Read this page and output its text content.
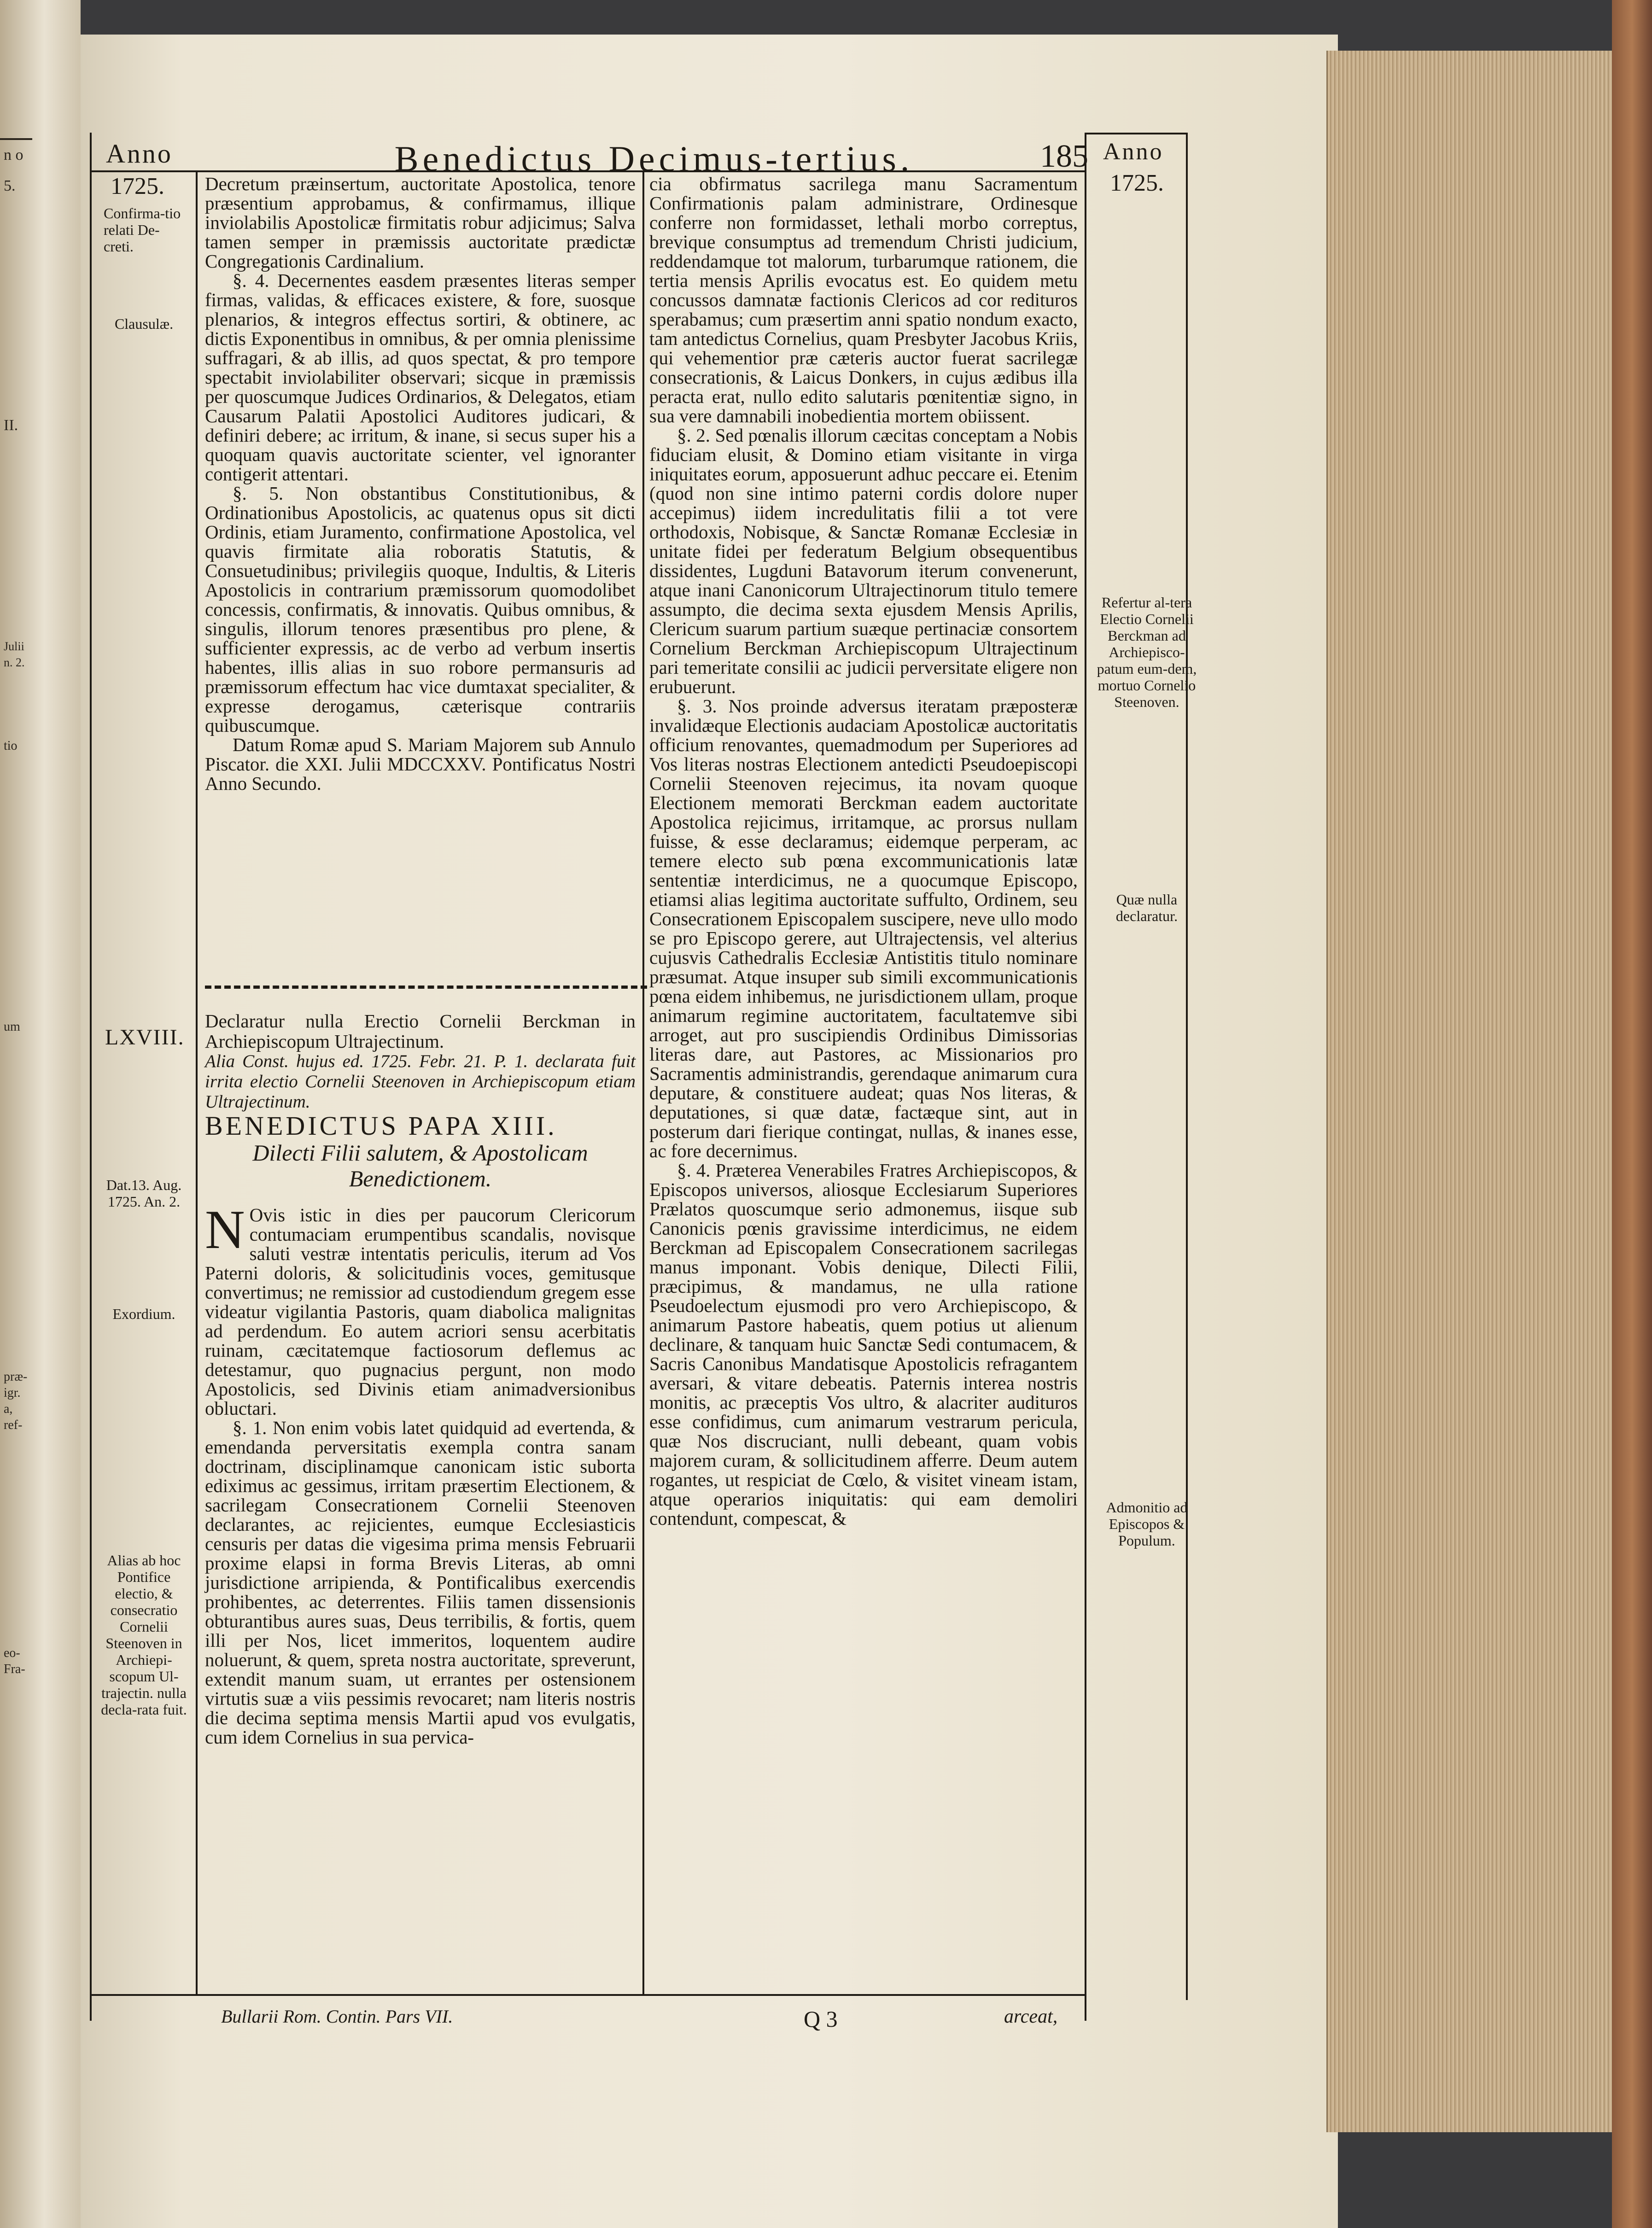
n o
5.
II.
Julii
n. 2.
tio
um
præ-
igr.
a,
ref-
eo-
Fra-
Anno
1725.
Benedictus Decimus-tertius.	185 Anno
1725.
Confirma-tio relati De-creti.
Clausulæ.
LXVIII.
Dat.13. Aug. 1725. An. 2.
Exordium.
Alias ab hoc Pontifice electio, & consecratio Cornelii Steenoven in Archiepi-scopum Ul-trajectin. nulla decla-rata fuit.
Refertur al-tera Electio Cornelii Berckman ad Archiepisco-patum eum-dem, mortuo Cornelio Steenoven.
Quæ nulla declaratur.
Admonitio ad Episcopos & Populum.

Decretum præinsertum, auctoritate Apostolica, tenore præsentium approbamus, & confirmamus, illique inviolabilis Apostolicæ firmitatis robur adjicimus; Salva tamen semper in præmissis auctoritate prædictæ Congregationis Cardinalium.

§. 4. Decernentes easdem præsentes literas semper firmas, validas, & efficaces existere, & fore, suosque plenarios, & integros effectus sortiri, & obtinere, ac dictis Exponentibus in omnibus, & per omnia plenissime suffragari, & ab illis, ad quos spectat, & pro tempore spectabit inviolabiliter observari; sicque in præmissis per quoscumque Judices Ordinarios, & Delegatos, etiam Causarum Palatii Apostolici Auditores judicari, & definiri debere; ac irritum, & inane, si secus super his a quoquam quavis auctoritate scienter, vel ignoranter contigerit attentari.

§. 5. Non obstantibus Constitutionibus, & Ordinationibus Apostolicis, ac quatenus opus sit dicti Ordinis, etiam Juramento, confirmatione Apostolica, vel quavis firmitate alia roboratis Statutis, & Consuetudinibus; privilegiis quoque, Indultis, & Literis Apostolicis in contrarium præmissorum quomodolibet concessis, confirmatis, & innovatis. Quibus omnibus, & singulis, illorum tenores præsentibus pro plene, & sufficienter expressis, ac de verbo ad verbum insertis habentes, illis alias in suo robore permansuris ad præmissorum effectum hac vice dumtaxat specialiter, & expresse derogamus, cæterisque contrariis quibuscumque.

Datum Romæ apud S. Mariam Majorem sub Annulo Piscator. die XXI. Julii MDCCXXV. Pontificatus Nostri Anno Secundo.

Declaratur nulla Erectio Cornelii Berckman in Archiepiscopum Ultrajectinum.

Alia Const. hujus ed. 1725. Febr. 21. P. 1. declarata fuit irrita electio Cornelii Steenoven in Archiepiscopum etiam Ultrajectinum.

BENEDICTUS PAPA XIII.

Dilecti Filii salutem, & Apostolicam Benedictionem.

N Ovis istic in dies per paucorum Clericorum contumaciam erumpentibus scandalis, novisque saluti vestræ intentatis periculis, iterum ad Vos Paterni doloris, & solicitudinis voces, gemitusque convertimus; ne remissior ad custodiendum gregem esse videatur vigilantia Pastoris, quam diabolica malignitas ad perdendum. Eo autem acriori sensu acerbitatis ruinam, cæcitatemque factiosorum deflemus ac detestamur, quo pugnacius pergunt, non modo Apostolicis, sed Divinis etiam animadversionibus obluctari.

§. 1. Non enim vobis latet quidquid ad evertenda, & emendanda perversitatis exempla contra sanam doctrinam, disciplinamque canonicam istic suborta ediximus ac gessimus, irritam præsertim Electionem, & sacrilegam Consecrationem Cornelii Steenoven declarantes, ac rejicientes, eumque Ecclesiasticis censuris per datas die vigesima prima mensis Februarii proxime elapsi in forma Brevis Literas, ab omni jurisdictione arripienda, & Pontificalibus exercendis prohibentes, ac deterrentes. Filiis tamen dissensionis obturantibus aures suas, Deus terribilis, & fortis, quem illi per Nos, licet immeritos, loquentem audire noluerunt, & quem, spreta nostra auctoritate, spreverunt, extendit manum suam, ut errantes per ostensionem virtutis suæ a viis pessimis revocaret; nam literis nostris die decima septima mensis Martii apud vos evulgatis, cum idem Cornelius in sua pervica-

cia obfirmatus sacrilega manu Sacramentum Confirmationis palam administrare, Ordinesque conferre non formidasset, lethali morbo correptus, brevique consumptus ad tremendum Christi judicium, reddendamque tot malorum, turbarumque rationem, die tertia mensis Aprilis evocatus est. Eo quidem metu concussos damnatæ factionis Clericos ad cor redituros sperabamus; cum præsertim anni spatio nondum exacto, tam antedictus Cornelius, quam Presbyter Jacobus Kriis, qui vehementior præ cæteris auctor fuerat sacrilegæ consecrationis, & Laicus Donkers, in cujus ædibus illa peracta erat, nullo edito salutaris pœnitentiæ signo, in sua vere damnabili inobedientia mortem obiissent.

§. 2. Sed pœnalis illorum cæcitas conceptam a Nobis fiduciam elusit, & Domino etiam visitante in virga iniquitates eorum, apposuerunt adhuc peccare ei. Etenim (quod non sine intimo paterni cordis dolore nuper accepimus) iidem incredulitatis filii a tot vere orthodoxis, Nobisque, & Sanctæ Romanæ Ecclesiæ in unitate fidei per federatum Belgium obsequentibus dissidentes, Lugduni Batavorum iterum convenerunt, atque inani Canonicorum Ultrajectinorum titulo temere assumpto, die decima sexta ejusdem Mensis Aprilis, Clericum suarum partium suæque pertinaciæ consortem Cornelium Berckman Archiepiscopum Ultrajectinum pari temeritate consilii ac judicii perversitate eligere non erubuerunt.

§. 3. Nos proinde adversus iteratam præposteræ invalidæque Electionis audaciam Apostolicæ auctoritatis officium renovantes, quemadmodum per Superiores ad Vos literas nostras Electionem antedicti Pseudoepiscopi Cornelii Steenoven rejecimus, ita novam quoque Electionem memorati Berckman eadem auctoritate Apostolica rejicimus, irritamque, ac prorsus nullam fuisse, & esse declaramus; eidemque perperam, ac temere electo sub pœna excommunicationis latæ sententiæ interdicimus, ne a quocumque Episcopo, etiamsi alias legitima auctoritate suffulto, Ordinem, seu Consecrationem Episcopalem suscipere, neve ullo modo se pro Episcopo gerere, aut Ultrajectensis, vel alterius cujusvis Cathedralis Ecclesiæ Antistitis titulo nominare præsumat. Atque insuper sub simili excommunicationis pœna eidem inhibemus, ne jurisdictionem ullam, proque animarum regimine auctoritatem, facultatemve sibi arroget, aut pro suscipiendis Ordinibus Dimissorias literas dare, aut Pastores, ac Missionarios pro Sacramentis administrandis, gerendaque animarum cura deputare, & constituere audeat; quas Nos literas, & deputationes, si quæ datæ, factæque sint, aut in posterum dari fierique contingat, nullas, & inanes esse, ac fore decernimus.

§. 4. Præterea Venerabiles Fratres Archiepiscopos, & Episcopos universos, aliosque Ecclesiarum Superiores Prælatos quoscumque serio admonemus, iisque sub Canonicis pœnis gravissime interdicimus, ne eidem Berckman ad Episcopalem Consecrationem sacrilegas manus imponant. Vobis denique, Dilecti Filii, præcipimus, & mandamus, ne ulla ratione Pseudoelectum ejusmodi pro vero Archiepiscopo, & animarum Pastore habeatis, quem potius ut alienum declinare, & tanquam huic Sanctæ Sedi contumacem, & Sacris Canonibus Mandatisque Apostolicis refragantem aversari, & vitare debeatis. Paternis interea nostris monitis, ac præceptis Vos ultro, & alacriter audituros esse confidimus, cum animarum vestrarum pericula, quæ Nos discruciant, nulli debeant, quam vobis majorem curam, & sollicitudinem afferre. Deum autem rogantes, ut respiciat de Cœlo, & visitet vineam istam, atque operarios iniquitatis: qui eam demoliri contendunt, compescat, &

Bullarii Rom. Contin. Pars VII.	Q 3	arceat,
